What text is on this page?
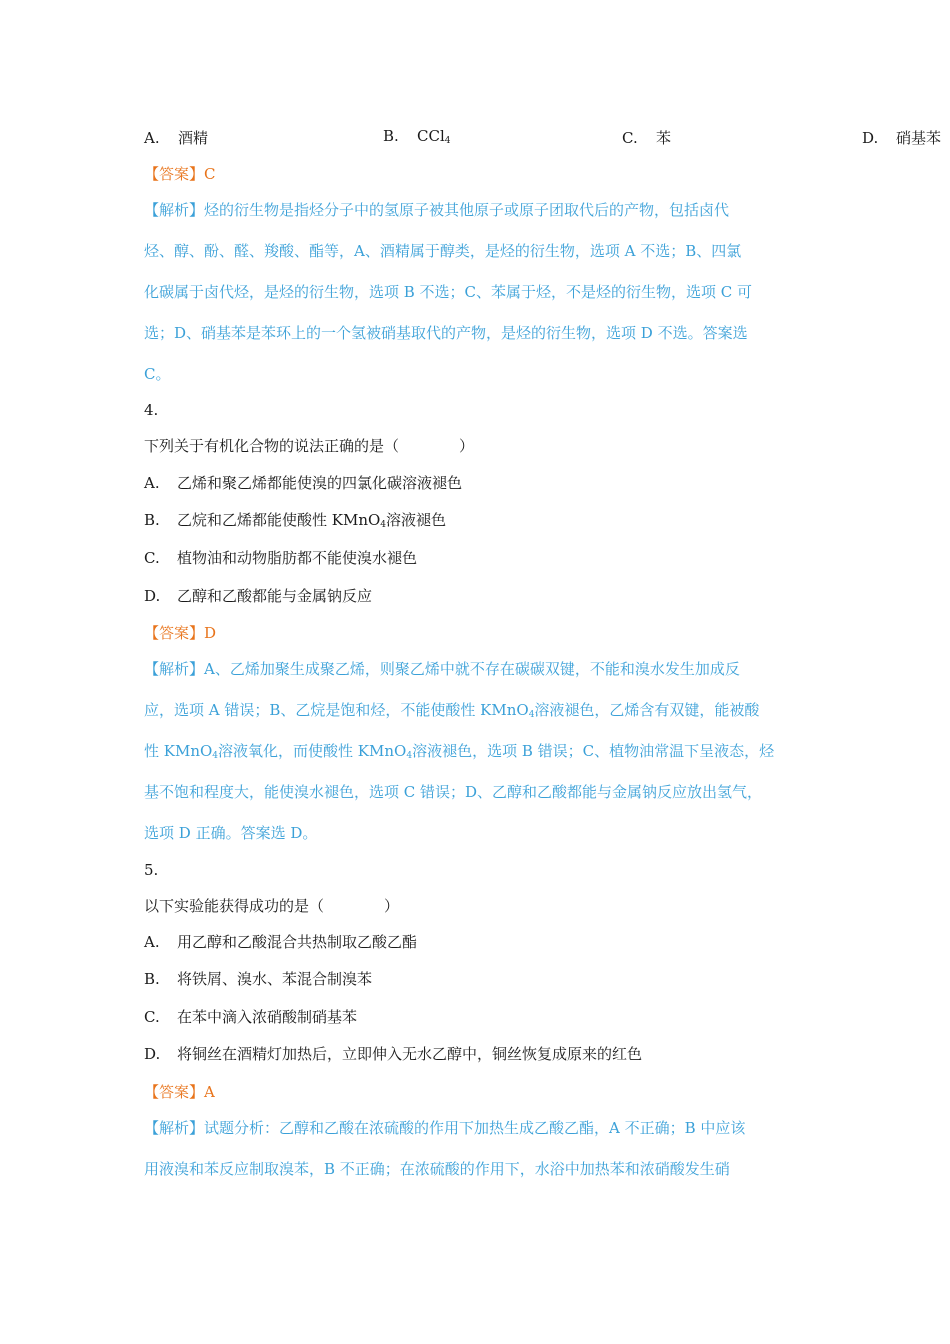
A. 酒精	B. CCl$_4$	C. 苯	D. 硝基苯
【答案】C
【解析】烃的衍生物是指烃分子中的氢原子被其他原子或原子团取代后的产物，包括卤代
烃、醇、酚、醛、羧酸、酯等，A、酒精属于醇类，是烃的衍生物，选项 A 不选；B、四氯
化碳属于卤代烃，是烃的衍生物，选项 B 不选；C、苯属于烃，不是烃的衍生物，选项 C 可
选；D、硝基苯是苯环上的一个氢被硝基取代的产物，是烃的衍生物，选项 D 不选。答案选
C。
4.
下列关于有机化合物的说法正确的是（　　　　）
A. 乙烯和聚乙烯都能使溴的四氯化碳溶液褪色
B. 乙烷和乙烯都能使酸性 KMnO$_4$溶液褪色
C. 植物油和动物脂肪都不能使溴水褪色
D. 乙醇和乙酸都能与金属钠反应
【答案】D
【解析】A、乙烯加聚生成聚乙烯，则聚乙烯中就不存在碳碳双键，不能和溴水发生加成反
应，选项 A 错误；B、乙烷是饱和烃，不能使酸性 KMnO$_4$溶液褪色，乙烯含有双键，能被酸
性 KMnO$_4$溶液氧化，而使酸性 KMnO$_4$溶液褪色，选项 B 错误；C、植物油常温下呈液态，烃
基不饱和程度大，能使溴水褪色，选项 C 错误；D、乙醇和乙酸都能与金属钠反应放出氢气，
选项 D 正确。答案选 D。
5.
以下实验能获得成功的是（　　　　）
A. 用乙醇和乙酸混合共热制取乙酸乙酯
B. 将铁屑、溴水、苯混合制溴苯
C. 在苯中滴入浓硝酸制硝基苯
D. 将铜丝在酒精灯加热后，立即伸入无水乙醇中，铜丝恢复成原来的红色
【答案】A
【解析】试题分析：乙醇和乙酸在浓硫酸的作用下加热生成乙酸乙酯，A 不正确；B 中应该
用液溴和苯反应制取溴苯，B 不正确；在浓硫酸的作用下，水浴中加热苯和浓硝酸发生硝
